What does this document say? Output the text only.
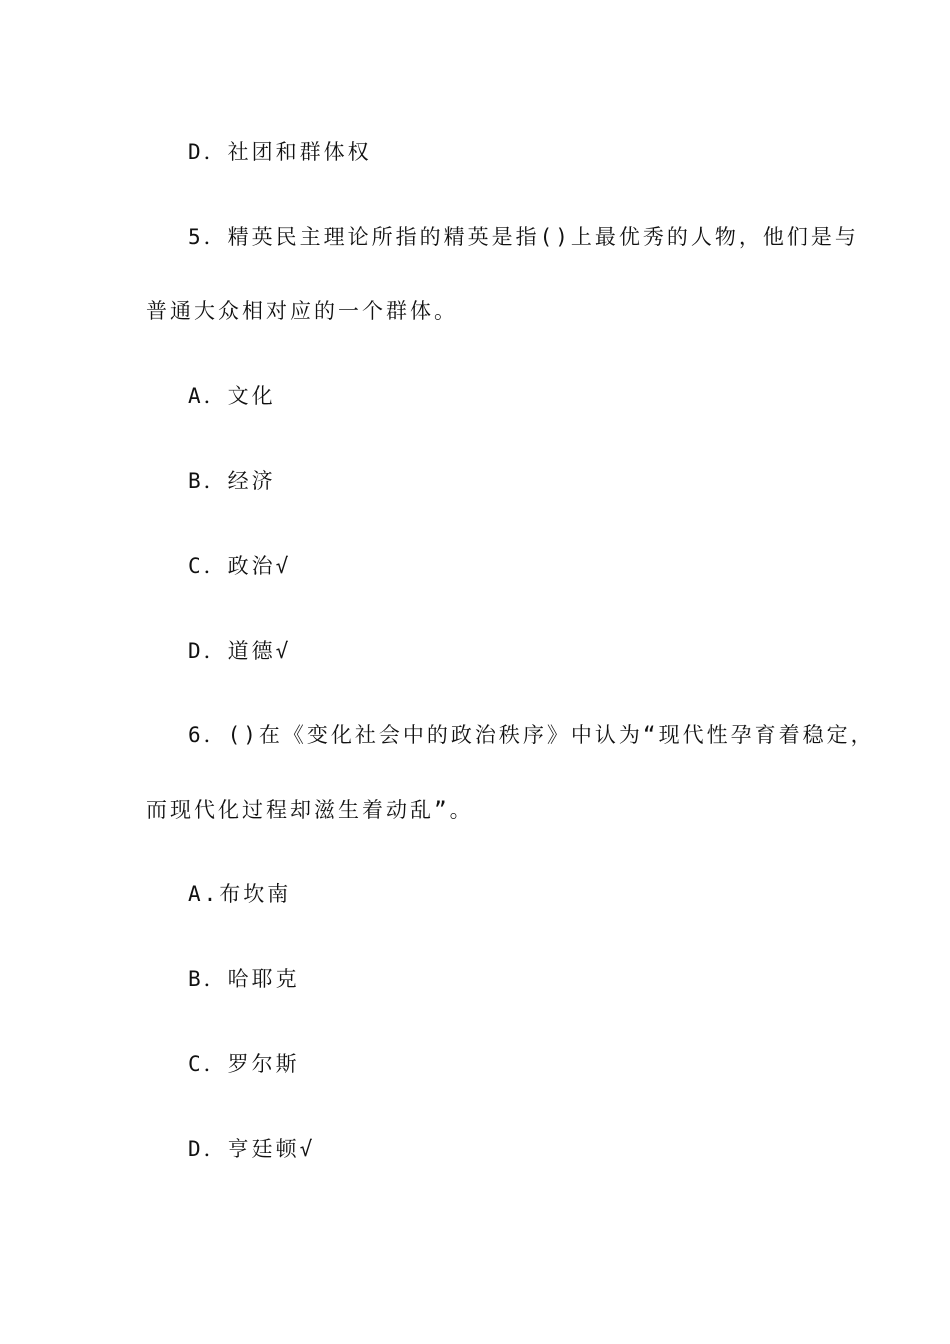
D．社团和群体权
5．精英民主理论所指的精英是指()上最优秀的人物，他们是与
普通大众相对应的一个群体。
A．文化
B．经济
C．政治√
D．道德√
6．()在《变化社会中的政治秩序》中认为“现代性孕育着稳定，
而现代化过程却滋生着动乱”。
A.布坎南
B．哈耶克
C．罗尔斯
D．亨廷顿√
